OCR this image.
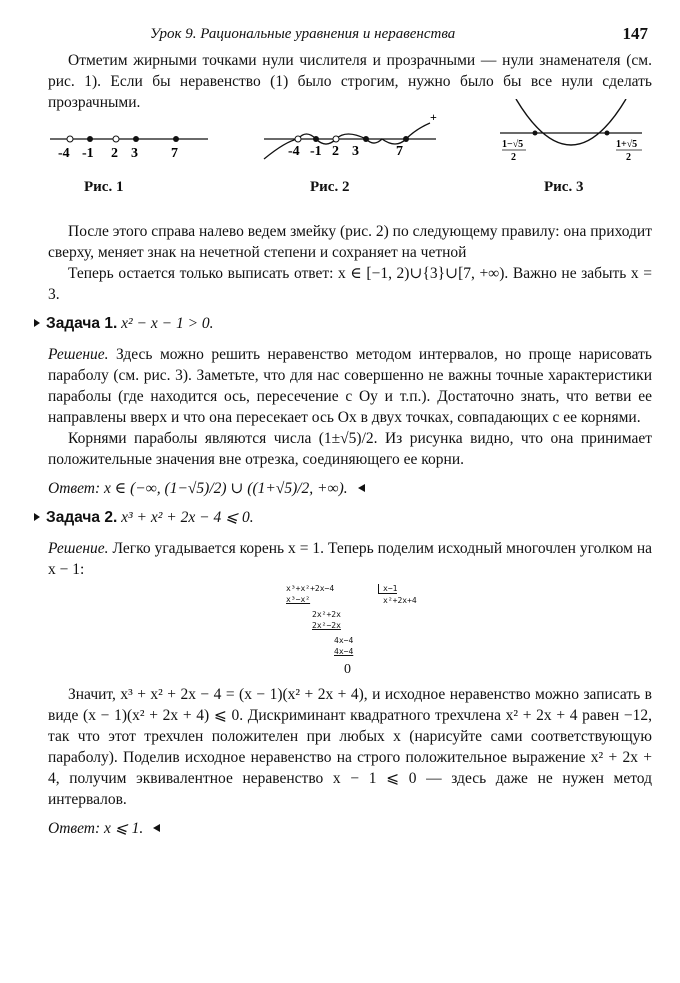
Урок 9. Рациональные уравнения и неравенства	147

Отметим жирными точками нули числителя и прозрачными — нули знаменателя (см. рис. 1). Если бы неравенство (1) было строгим, нужно было бы все нули сделать прозрачными.

-4 -1 2 3 7
Рис. 1
+
-4 -1 2 3	7
Рис. 2
1−√5
2
1+√5
2
Рис. 3

После этого справа налево ведем змейку (рис. 2) по следующему правилу: она приходит сверху, меняет знак на нечетной степени и сохраняет на четной

Теперь остается только выписать ответ: x ∈ [−1, 2)∪{3}∪[7, +∞). Важно не забыть x = 3.

Задача 1. x² − x − 1 > 0.

Решение. Здесь можно решить неравенство методом интервалов, но проще нарисовать параболу (см. рис. 3). Заметьте, что для нас совершенно не важны точные характеристики параболы (где находится ось, пересечение с Oy и т.п.). Достаточно знать, что ветви ее направлены вверх и что она пересекает ось Ox в двух точках, совпадающих с ее корнями.

Корнями параболы являются числа (1±√5)/2. Из рисунка видно, что она принимает положительные значения вне отрезка, соединяющего ее корни.

Ответ: x ∈ (−∞, (1−√5)/2) ∪ ((1+√5)/2, +∞).

Задача 2. x³ + x² + 2x − 4 ⩽ 0.

Решение. Легко угадывается корень x = 1. Теперь поделим исходный многочлен уголком на x − 1:

x³+x²+2x−4	x−1
x³−x²	x²+2x+4
2x²+2x
2x²−2x
4x−4
4x−4
0

Значит, x³ + x² + 2x − 4 = (x − 1)(x² + 2x + 4), и исходное неравенство можно записать в виде (x − 1)(x² + 2x + 4) ⩽ 0. Дискриминант квадратного трехчлена x² + 2x + 4 равен −12, так что этот трехчлен положителен при любых x (нарисуйте сами соответствующую параболу). Поделив исходное неравенство на строго положительное выражение x² + 2x + 4, получим эквивалентное неравенство x − 1 ⩽ 0 — здесь даже не нужен метод интервалов.

Ответ: x ⩽ 1.
